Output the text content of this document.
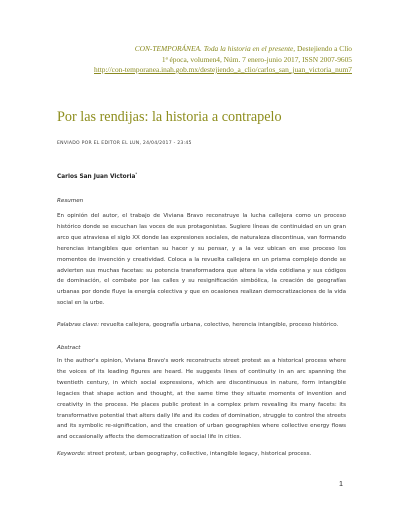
CON-TEMPORÁNEA. Toda la historia en el presente, Destejiendo a Clío
1ª época, volumen4, Núm. 7 enero-junio 2017, ISSN 2007-9605
http://con-temporanea.inah.gob.mx/destejiendo_a_clio/carlos_san_juan_victoria_num7
Por las rendijas: la historia a contrapelo
ENVIADO POR EL EDITOR EL LUN, 24/04/2017 - 23:45
Carlos San Juan Victoria*
Resumen
En opinión del autor, el trabajo de Viviana Bravo reconstruye la lucha callejera como un proceso histórico donde se escuchan las voces de sus protagonistas. Sugiere líneas de continuidad en un gran arco que atraviesa el siglo XX donde las expresiones sociales, de naturaleza discontinua, van formando herencias intangibles que orientan su hacer y su pensar, y a la vez ubican en ese proceso los momentos de invención y creatividad. Coloca a la revuelta callejera en un prisma complejo donde se advierten sus muchas facetas: su potencia transformadora que altera la vida cotidiana y sus códigos de dominación, el combate por las calles y su resignificación simbólica, la creación de geografías urbanas por donde fluye la energía colectiva y que en ocasiones realizan democratizaciones de la vida social en la urbe.
Palabras clave: revuelta callejera, geografía urbana, colectivo, herencia intangible, proceso histórico.
Abstract
In the author's opinion, Viviana Bravo's work reconstructs street protest as a historical process where the voices of its leading figures are heard. He suggests lines of continuity in an arc spanning the twentieth century, in which social expressions, which are discontinuous in nature, form intangible legacies that shape action and thought, at the same time they situate moments of invention and creativity in the process. He places public protest in a complex prism revealing its many facets: its transformative potential that alters daily life and its codes of domination, struggle to control the streets and its symbolic re-signification, and the creation of urban geographies where collective energy flows and occasionally affects the democratization of social life in cities.
Keywords: street protest, urban geography, collective, intangible legacy, historical process.
1
